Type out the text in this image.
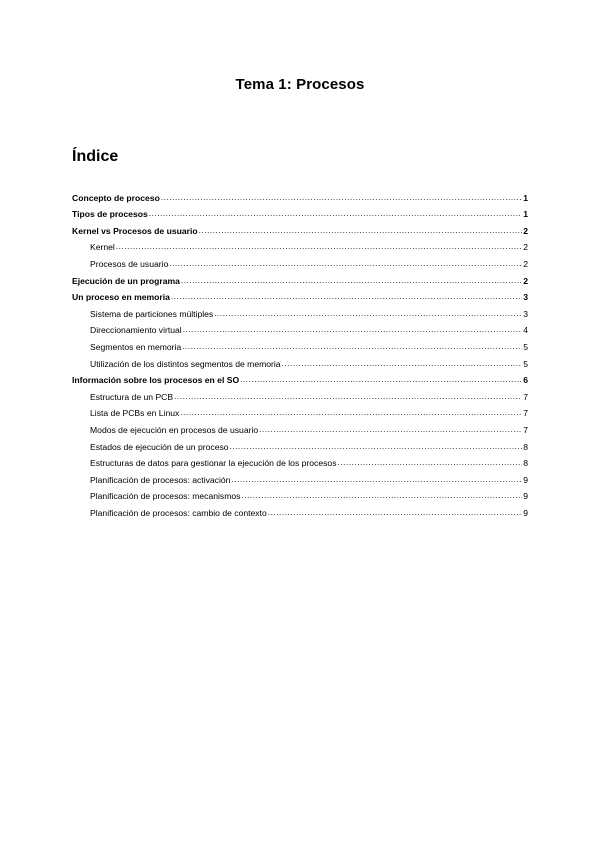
Tema 1: Procesos
Índice
Concepto de proceso .....	1
Tipos de procesos .....	1
Kernel vs Procesos de usuario .....	2
Kernel .....	2
Procesos de usuario .....	2
Ejecución de un programa .....	2
Un proceso en memoria .....	3
Sistema de particiones múltiples .....	3
Direccionamiento virtual .....	4
Segmentos en memoria .....	5
Utilización de los distintos segmentos de memoria .....	5
Información sobre los procesos en el SO .....	6
Estructura de un PCB .....	7
Lista de PCBs en Linux .....	7
Modos de ejecución en procesos de usuario .....	7
Estados de ejecución de un proceso .....	8
Estructuras de datos para gestionar la ejecución de los procesos .....	8
Planificación de procesos: activación .....	9
Planificación de procesos: mecanismos .....	9
Planificación de procesos: cambio de contexto .....	9
